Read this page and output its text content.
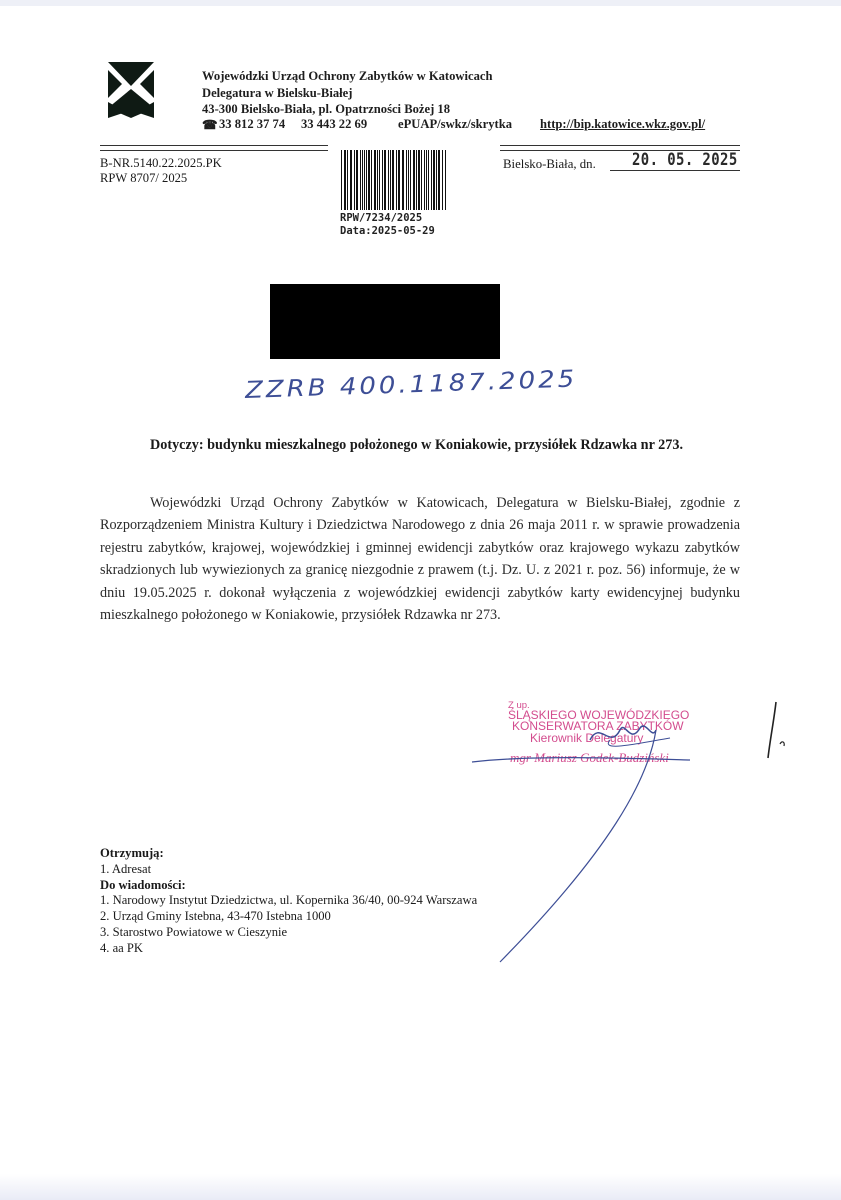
Wojewódzki Urząd Ochrony Zabytków w Katowicach
Delegatura w Bielsku-Białej
43-300 Bielsko-Biała, pl. Opatrzności Bożej 18
☎ 33 812 37 74 33 443 22 69 ePUAP/swkz/skrytka http://bip.katowice.wkz.gov.pl/
B-NR.5140.22.2025.PK
RPW 8707/ 2025
Bielsko-Biała, dn. 20. 05. 2025
RPW/7234/2025
Data:2025-05-29
ZZRB 400.1187.2025
Dotyczy: budynku mieszkalnego położonego w Koniakowie, przysiółek Rdzawka nr 273.
Wojewódzki Urząd Ochrony Zabytków w Katowicach, Delegatura w Bielsku-Białej, zgodnie z Rozporządzeniem Ministra Kultury i Dziedzictwa Narodowego z dnia 26 maja 2011 r. w sprawie prowadzenia rejestru zabytków, krajowej, wojewódzkiej i gminnej ewidencji zabytków oraz krajowego wykazu zabytków skradzionych lub wywiezionych za granicę niezgodnie z prawem (t.j. Dz. U. z 2021 r. poz. 56) informuje, że w dniu 19.05.2025 r. dokonał wyłączenia z wojewódzkiej ewidencji zabytków karty ewidencyjnej budynku mieszkalnego położonego w Koniakowie, przysiółek Rdzawka nr 273.
Z up.
ŚLĄSKIEGO WOJEWÓDZKIEGO
KONSERWATORA ZABYTKÓW
Kierownik Delegatury
mgr Mariusz Godek-Budziński
Otrzymują:
1. Adresat
Do wiadomości:
1. Narodowy Instytut Dziedzictwa, ul. Kopernika 36/40, 00-924 Warszawa
2. Urząd Gminy Istebna, 43-470 Istebna 1000
3. Starostwo Powiatowe w Cieszynie
4. aa PK
